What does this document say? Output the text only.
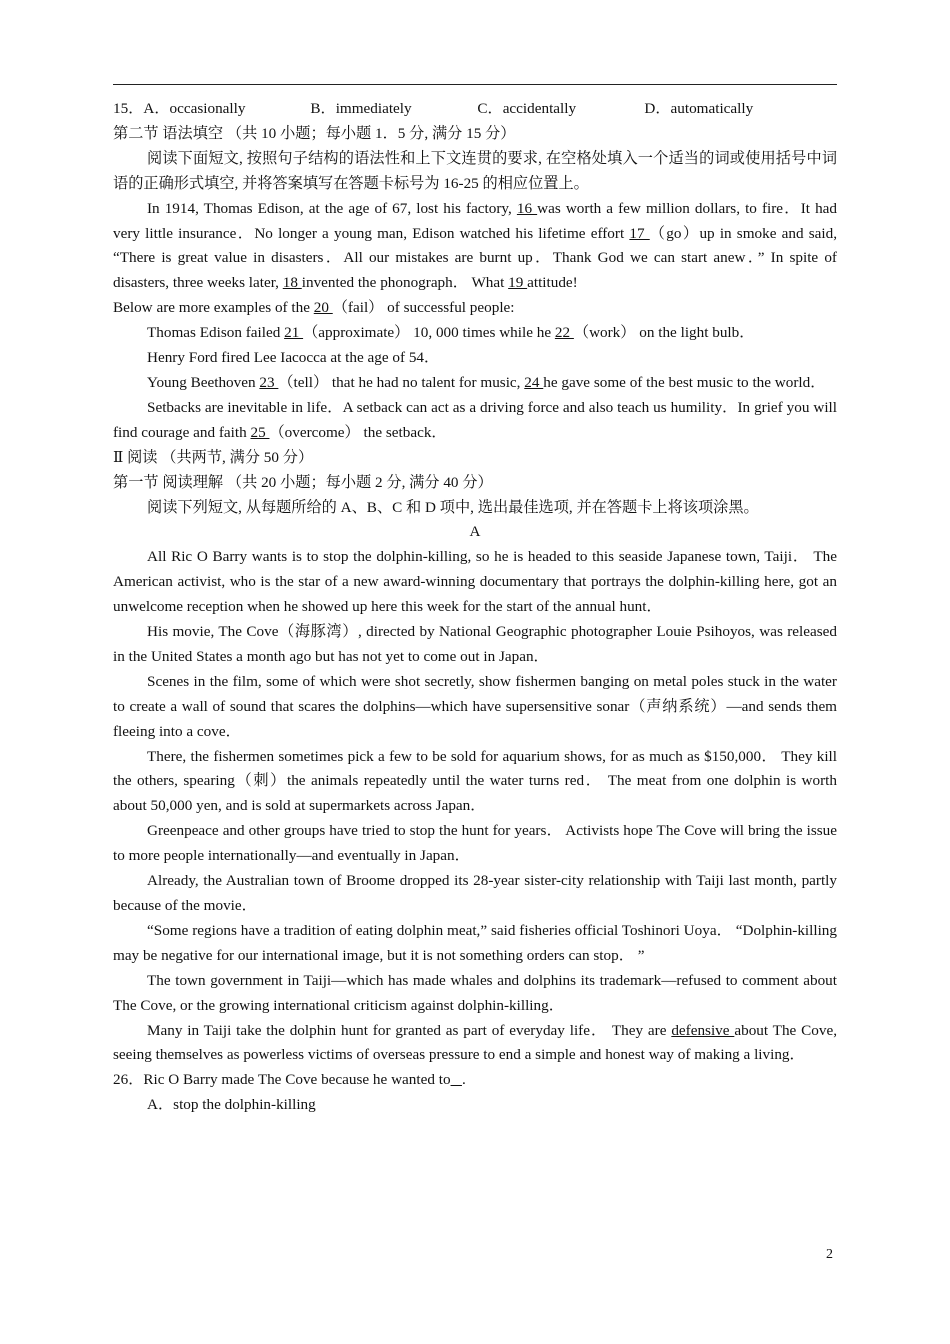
15． A．occasionally	B．immediately	C．accidentally	D．automatically

第二节 语法填空 （共 10 小题；每小题 1．5 分, 满分 15 分）

阅读下面短文, 按照句子结构的语法性和上下文连贯的要求, 在空格处填入一个适当的词或使用括号中词语的正确形式填空, 并将答案填写在答题卡标号为 16-25 的相应位置上。

In 1914, Thomas Edison, at the age of 67, lost his factory, 16 was worth a few million dollars, to fire．It had very little insurance．No longer a young man, Edison watched his lifetime effort 17 （go）up in smoke and said, “There is great value in disasters．All our mistakes are burnt up．Thank God we can start anew．” In spite of disasters, three weeks later, 18 invented the phonograph． What 19 attitude!

Below are more examples of the 20 （fail） of successful people:

Thomas Edison failed 21 （approximate） 10, 000 times while he 22 （work） on the light bulb．

Henry Ford fired Lee Iacocca at the age of 54．

Young Beethoven 23 （tell） that he had no talent for music, 24 he gave some of the best music to the world．

Setbacks are inevitable in life．A setback can act as a driving force and also teach us humility．In grief you will find courage and faith 25 （overcome） the setback．

Ⅱ 阅读 （共两节, 满分 50 分）

第一节 阅读理解 （共 20 小题；每小题 2 分, 满分 40 分）

阅读下列短文, 从每题所给的 A、B、C 和 D 项中, 选出最佳选项, 并在答题卡上将该项涂黑。

A

All Ric O Barry wants is to stop the dolphin-killing, so he is headed to this seaside Japanese town, Taiji． The American activist, who is the star of a new award-winning documentary that portrays the dolphin-killing here, got an unwelcome reception when he showed up here this week for the start of the annual hunt．

His movie, The Cove（海豚湾）, directed by National Geographic photographer Louie Psihoyos, was released in the United States a month ago but has not yet to come out in Japan．

Scenes in the film, some of which were shot secretly, show fishermen banging on metal poles stuck in the water to create a wall of sound that scares the dolphins—which have supersensitive sonar（声纳系统）—and sends them fleeing into a cove．

There, the fishermen sometimes pick a few to be sold for aquarium shows, for as much as $150,000． They kill the others, spearing（刺）the animals repeatedly until the water turns red． The meat from one dolphin is worth about 50,000 yen, and is sold at supermarkets across Japan．

Greenpeace and other groups have tried to stop the hunt for years． Activists hope The Cove will bring the issue to more people internationally—and eventually in Japan．

Already, the Australian town of Broome dropped its 28-year sister-city relationship with Taiji last month, partly because of the movie．

“Some regions have a tradition of eating dolphin meat,” said fisheries official Toshinori Uoya． “Dolphin-killing may be negative for our international image, but it is not something orders can stop． ”

The town government in Taiji—which has made whales and dolphins its trademark—refused to comment about The Cove, or the growing international criticism against dolphin-killing．

Many in Taiji take the dolphin hunt for granted as part of everyday life． They are defensive about The Cove, seeing themselves as powerless victims of overseas pressure to end a simple and honest way of making a living．

26．Ric O Barry made The Cove because he wanted to .

A．stop the dolphin-killing

2
